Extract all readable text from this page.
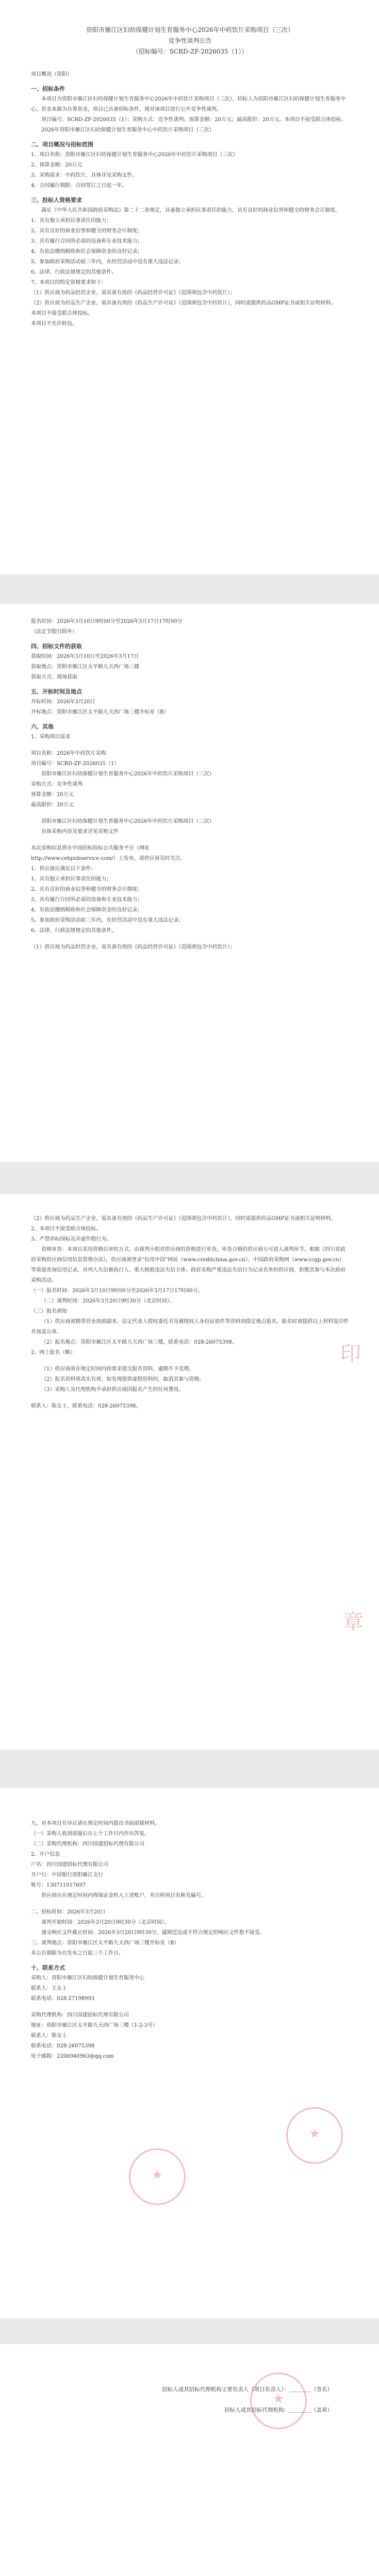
资阳市雁江区妇幼保健计划生育服务中心2026年中药饮片采购项目（三次）
竞争性谈判公告
（招标编号：SCRD-ZF-2026035（1））

项目概况（资阳）

一、招标条件

本项目为资阳市雁江区妇幼保健计划生育服务中心2026年中药饮片采购项目（三次），招标人为资阳市雁江区妇幼保健计划生育服务中心，资金来源为自筹资金，项目已具备招标条件，现对该项目进行公开竞争性谈判。

项目编号：SCRD-ZF-2026035（1）；采购方式：竞争性谈判；预算金额：20万元；最高限价：20万元。本项目不接受联合体投标。

2026年资阳市雁江区妇幼保健计划生育服务中心中药饮片采购项目（三次）

二、项目概况与招标范围

1、项目名称：资阳市雁江区妇幼保健计划生育服务中心2026年中药饮片采购项目（三次）

2、预算金额：20万元

3、采购需求：中药饮片，具体详见采购文件。

4、合同履行期限：合同签订之日起一年。

三、投标人资格要求

满足《中华人民共和国政府采购法》第二十二条规定，具备独立承担民事责任的能力，具有良好的商业信誉和健全的财务会计制度。

1、具有独立承担民事责任的能力；

2、具有良好的商业信誉和健全的财务会计制度；

3、具有履行合同所必需的设备和专业技术能力；

4、有依法缴纳税收和社会保障资金的良好记录；

5、参加政府采购活动前三年内，在经营活动中没有重大违法记录；

6、法律、行政法规规定的其他条件。

7、本项目的特定资格要求如下：

（1）供应商为药品经营企业，需具备有效的《药品经营许可证》（范围须包含中药饮片）；

（2）供应商为药品生产企业，需具备有效的《药品生产许可证》（范围须包含中药饮片），同时需提供药品GMP证书或相关证明材料。

本项目不接受联合体投标。

本项目不允许转包。

报名时间：2026年3月10日9时00分至2026年3月17日17时00分

（法定节假日除外）

四、招标文件的获取

获取时间：2026年3月10日至2026年3月17日

获取地点：资阳市雁江区太平路九天西广场三楼

获取方式：现场获取

五、开标时间及地点

开标时间：2026年3月20日

开标地点：资阳市雁江区太平路九天西广场三楼开标室（B）

六、其他

1、采购项目需求

项目名称：2026年中药饮片采购

项目编号：SCRD-ZF-2026035（1）

资阳市雁江区妇幼保健计划生育服务中心2026年中药饮片采购项目（三次）

采购方式：竞争性谈判

预算金额：20万元

最高限价：20万元

资阳市雁江区妇幼保健计划生育服务中心2026年中药饮片采购项目（三次）

具体采购内容及要求详见采购文件

本次采购信息将在中国招标投标公共服务平台（网址

http://www.cebpubservice.com/）上发布，请供应商及时关注。

1、供应商应满足以下条件：

1、具有独立承担民事责任的能力；

2、具有良好的商业信誉和健全的财务会计制度；

3、具有履行合同所必需的设备和专业技术能力；

4、有依法缴纳税收和社会保障资金的良好记录；

5、参加政府采购活动前三年内，在经营活动中没有重大违法记录；

6、法律、行政法规规定的其他条件。

（1）供应商为药品经营企业，需具备有效的《药品经营许可证》（范围须包含中药饮片）；

（2）供应商为药品生产企业，需具备有效的《药品生产许可证》（范围须包含中药饮片），同时需提供药品GMP证书或相关证明材料。

2、本项目不接受联合体投标。

3、严禁串标围标及弄虚作假行为。

资格审查：本项目采用资格后审的方式，由谈判小组对供应商的资格进行审查，审查合格的供应商方可进入谈判环节。根据《四川省政府采购供应商信用信息管理办法》，供应商须登录“信用中国”网站（www.creditchina.gov.cn）、中国政府采购网（www.ccgp.gov.cn）等渠道查询信用记录，对列入失信被执行人、重大税收违法失信主体、政府采购严重违法失信行为记录名单的供应商，拒绝其参与本次政府采购活动。

（一）报名时间：2026年3月10日9时00分至2026年3月17日17时00分。

（二）谈判时间：2026年3月20日9时30分（北京时间）。

（三）报名须知

（1）供应商须携带营业执照副本、法定代表人授权委托书及被授权人身份证原件等资料到指定地点报名，报名时须提供以上材料复印件并加盖公章。

（2）报名地点：资阳市雁江区太平路九天西广场三楼，联系电话：028-26075398。

2、网上报名（略）

（1）供应商须在规定时间内按要求提交报名资料，逾期不予受理。

（2）报名资料须真实有效，如发现提供虚假资料的，取消其参与资格。

（3）采购人及代理机构不承担供应商因报名产生的任何费用。

联系人：陈女士，联系电话：028-26075398。

印
章

九、对本项目有异议请在规定时间内提出书面质疑材料。

（一）采购人收到质疑后在七个工作日内作出答复。

（二）采购代理机构：四川国建招标代理有限公司

2、开户信息

户名：四川国建招标代理有限公司

开户行：中国银行资阳雁江支行

账号：130711017697

供应商应在规定时间内将保证金转入上述账户，并注明项目名称及编号。

二、招标时间：2026年3月20日

谈判开始时间：2026年3月20日9时30分（北京时间）。

递交响应文件截止时间：2026年3月20日9时30分，逾期送达或不符合规定的响应文件恕不接受。

三、谈判地点：资阳市雁江区太平路九天西广场三楼开标室（B）

本公告期限为自发布之日起三个工作日。

十、联系方式

采购人：资阳市雁江区妇幼保健计划生育服务中心

联系人：王女士

联系电话：028-27198993

采购代理机构：四川国建招标代理有限公司

地址：资阳市雁江区太平路九天西广场三楼（1-2-3号）

联系人：陈女士

联系电话：028-26075398

电子邮箱：2206940963@qq.com

★
★
招标人或其招标代理机构主要负责人（项目负责人）：＿＿＿＿（签名）
招标人或其招标代理机构：＿＿＿＿（盖章）
★
